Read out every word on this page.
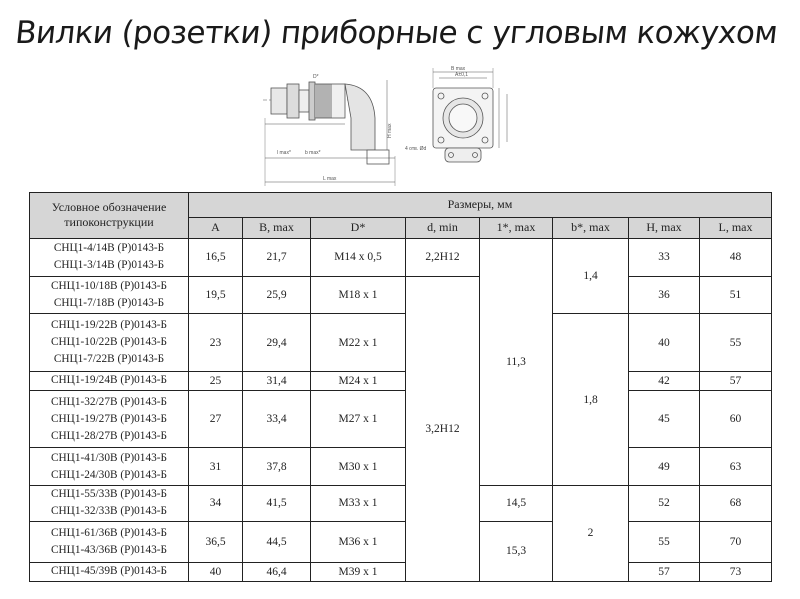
Вилки (розетки) приборные с угловым кожухом
D*
l max*	b max*
L max
H max
B max
A±0,1
4 отв. Ød
Условное обозначение
типоконструкции	Размеры, мм							
	A	B, max	D*	d, min	1*, max	b*, max	H, max	L, max

СНЦ1-4/14В (Р)0143-Б
СНЦ1-3/14В (Р)0143-Б	16,5	21,7	M14 x 0,5	2,2H12	11,3	1,4	33	48

СНЦ1-10/18В (Р)0143-Б
СНЦ1-7/18В (Р)0143-Б	19,5	25,9	M18 x 1	3,2H12			36	51

СНЦ1-19/22В (Р)0143-Б
СНЦ1-10/22В (Р)0143-Б
СНЦ1-7/22В (Р)0143-Б	23	29,4	M22 x 1			1,8	40	55

СНЦ1-19/24В (Р)0143-Б	25	31,4	M24 x 1				42	57

СНЦ1-32/27В (Р)0143-Б
СНЦ1-19/27В (Р)0143-Б
СНЦ1-28/27В (Р)0143-Б	27	33,4	M27 x 1				45	60

СНЦ1-41/30В (Р)0143-Б
СНЦ1-24/30В (Р)0143-Б	31	37,8	M30 x 1				49	63

СНЦ1-55/33В (Р)0143-Б
СНЦ1-32/33В (Р)0143-Б	34	41,5	M33 x 1		14,5	2	52	68

СНЦ1-61/36В (Р)0143-Б
СНЦ1-43/36В (Р)0143-Б	36,5	44,5	M36 x 1		15,3		55	70

СНЦ1-45/39В (Р)0143-Б	40	46,4	M39 x 1				57	73
